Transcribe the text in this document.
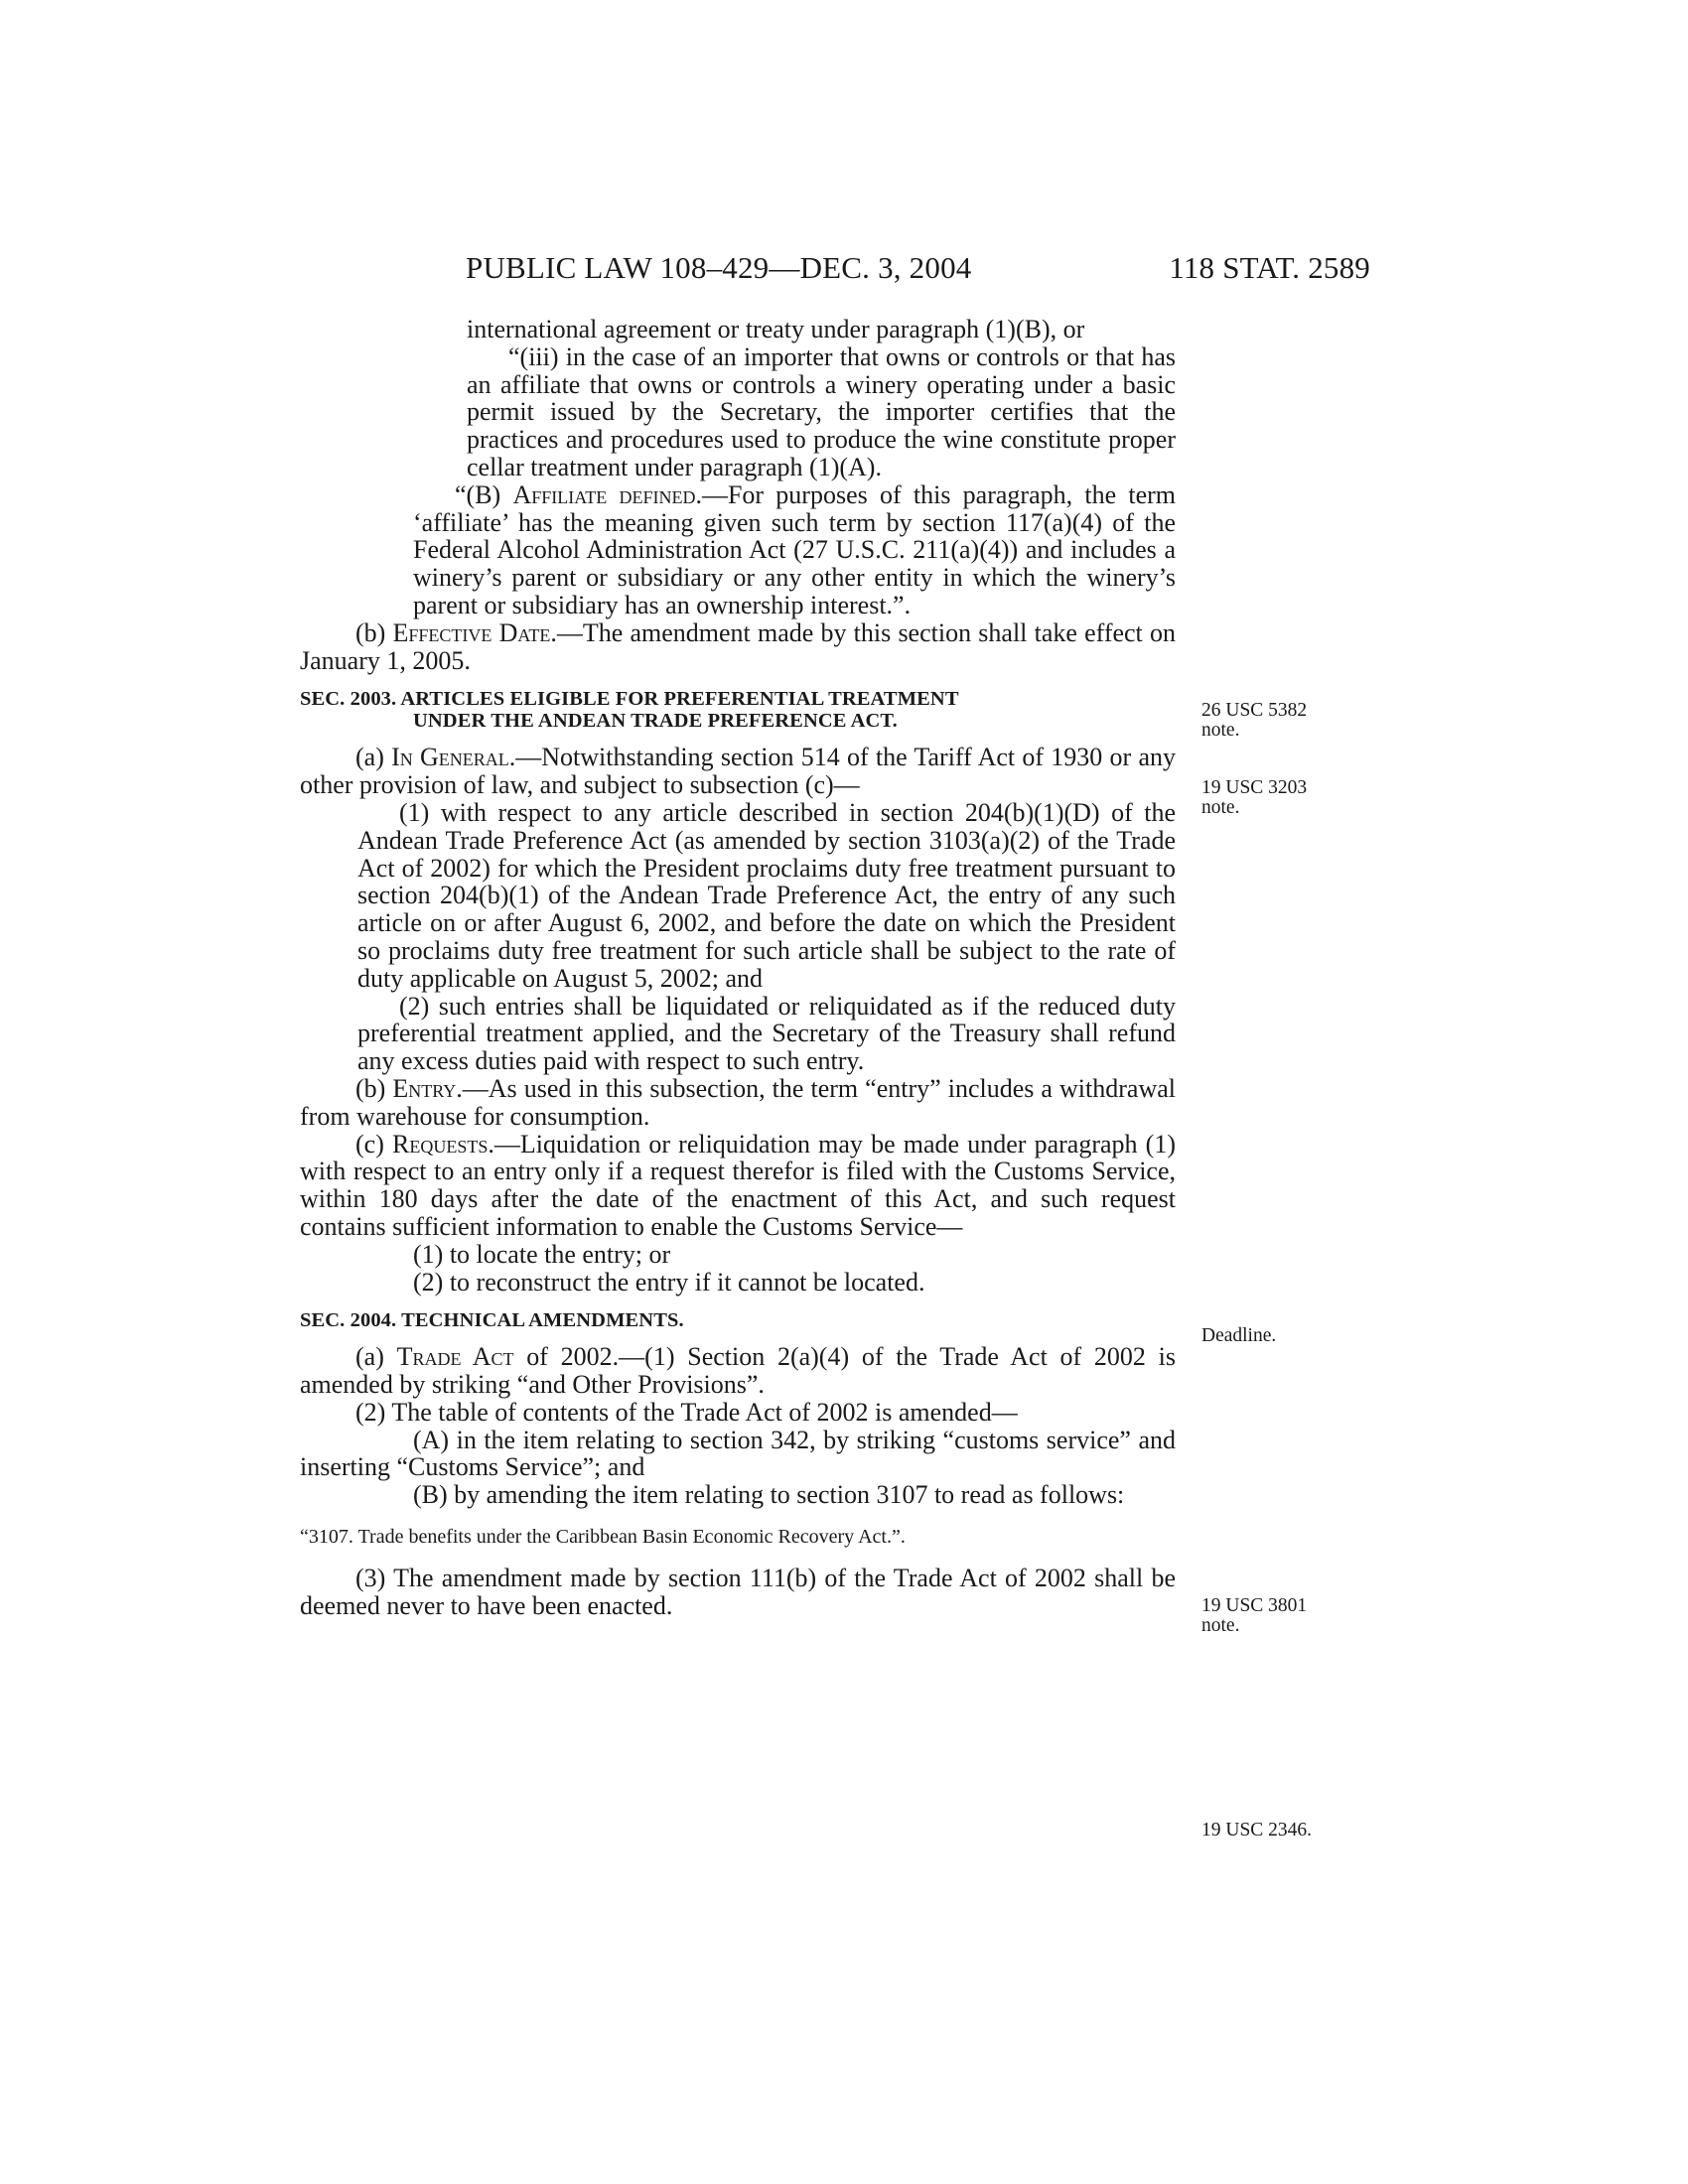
PUBLIC LAW 108–429—DEC. 3, 2004	118 STAT. 2589

international agreement or treaty under paragraph (1)(B), or

“(iii) in the case of an importer that owns or controls or that has an affiliate that owns or controls a winery operating under a basic permit issued by the Secretary, the importer certifies that the practices and procedures used to produce the wine constitute proper cellar treatment under paragraph (1)(A).

“(B) Affiliate defined.—For purposes of this paragraph, the term ‘affiliate’ has the meaning given such term by section 117(a)(4) of the Federal Alcohol Administration Act (27 U.S.C. 211(a)(4)) and includes a winery’s parent or subsidiary or any other entity in which the winery’s parent or subsidiary has an ownership interest.”.

(b) Effective Date.—The amendment made by this section shall take effect on January 1, 2005.

SEC. 2003. ARTICLES ELIGIBLE FOR PREFERENTIAL TREATMENT

UNDER THE ANDEAN TRADE PREFERENCE ACT.

(a) In General.—Notwithstanding section 514 of the Tariff Act of 1930 or any other provision of law, and subject to subsection (c)—

(1) with respect to any article described in section 204(b)(1)(D) of the Andean Trade Preference Act (as amended by section 3103(a)(2) of the Trade Act of 2002) for which the President proclaims duty free treatment pursuant to section 204(b)(1) of the Andean Trade Preference Act, the entry of any such article on or after August 6, 2002, and before the date on which the President so proclaims duty free treatment for such article shall be subject to the rate of duty applicable on August 5, 2002; and

(2) such entries shall be liquidated or reliquidated as if the reduced duty preferential treatment applied, and the Secretary of the Treasury shall refund any excess duties paid with respect to such entry.

(b) Entry.—As used in this subsection, the term “entry” includes a withdrawal from warehouse for consumption.

(c) Requests.—Liquidation or reliquidation may be made under paragraph (1) with respect to an entry only if a request therefor is filed with the Customs Service, within 180 days after the date of the enactment of this Act, and such request contains sufficient information to enable the Customs Service—

(1) to locate the entry; or

(2) to reconstruct the entry if it cannot be located.

SEC. 2004. TECHNICAL AMENDMENTS.

(a) Trade Act of 2002.—(1) Section 2(a)(4) of the Trade Act of 2002 is amended by striking “and Other Provisions”.

(2) The table of contents of the Trade Act of 2002 is amended—

(A) in the item relating to section 342, by striking “customs service” and inserting “Customs Service”; and

(B) by amending the item relating to section 3107 to read as follows:

“3107. Trade benefits under the Caribbean Basin Economic Recovery Act.”.

(3) The amendment made by section 111(b) of the Trade Act of 2002 shall be deemed never to have been enacted.

26 USC 5382
note.
19 USC 3203
note.
Deadline.
19 USC 3801
note.
19 USC 2346.
